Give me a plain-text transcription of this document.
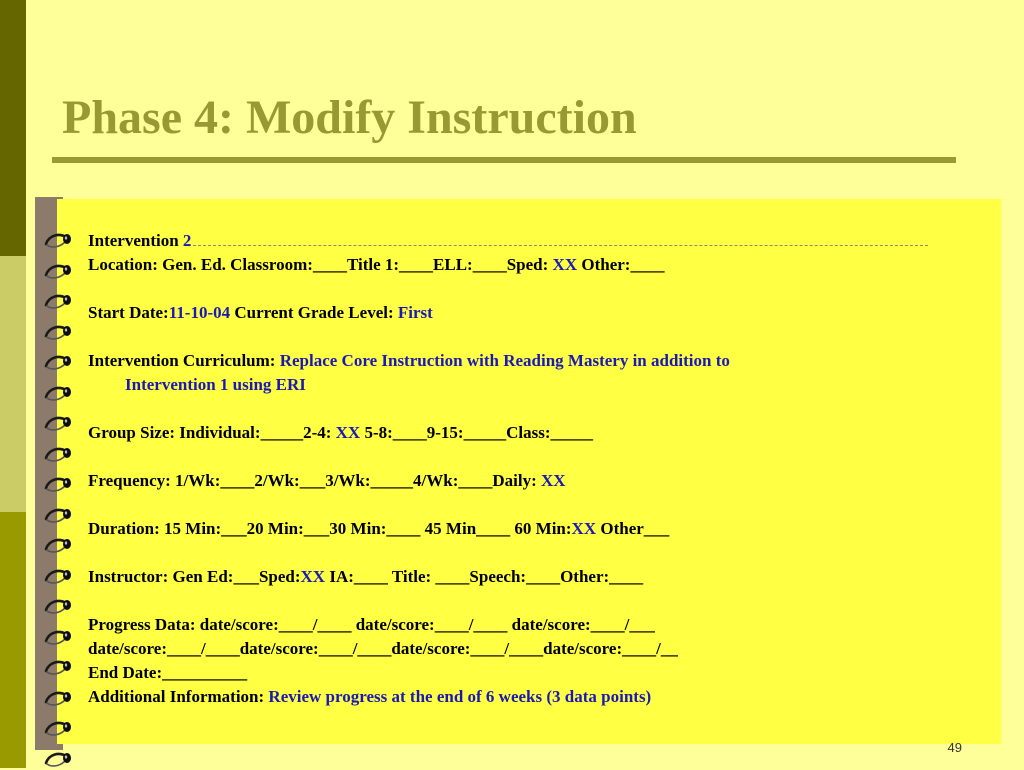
Phase 4: Modify Instruction

Intervention 2

Location: Gen. Ed. Classroom:____Title 1:____ELL:____Sped: XX Other:____

Start Date:11-10-04 Current Grade Level: First

Intervention Curriculum: Replace Core Instruction with Reading Mastery in addition to

Intervention 1 using ERI

Group Size: Individual:_____2-4: XX 5-8:____9-15:_____Class:_____

Frequency: 1/Wk:____2/Wk:___3/Wk:_____4/Wk:____Daily: XX

Duration: 15 Min:___20 Min:___30 Min:____ 45 Min____ 60 Min:XX Other___

Instructor: Gen Ed:___Sped:XX IA:____ Title: ____Speech:____Other:____

Progress Data: date/score:____/____ date/score:____/____ date/score:____/___

date/score:____/____date/score:____/____date/score:____/____date/score:____/__

End Date:__________

Additional Information: Review progress at the end of 6 weeks (3 data points)

49
